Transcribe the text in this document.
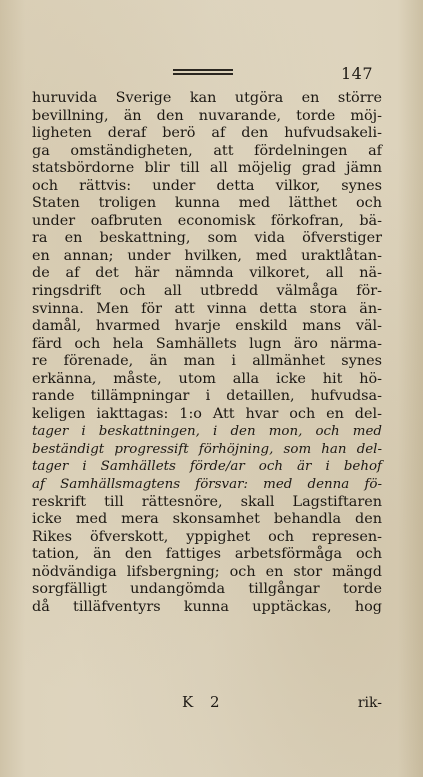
147
huruvida Sverige kan utgöra en större
bevillning, än den nuvarande, torde möj-
ligheten deraf berö af den hufvudsakeli-
ga omständigheten, att fördelningen af
statsbördorne blir till all möjelig grad jämn
och rättvis: under detta vilkor, synes
Staten troligen kunna med lätthet och
under oafbruten economisk förkofran, bä-
ra en beskattning, som vida öfverstiger
en annan; under hvilken, med uraktlåtan-
de af det här nämnda vilkoret, all nä-
ringsdrift och all utbredd välmåga för-
svinna. Men för att vinna detta stora än-
damål, hvarmed hvarje enskild mans väl-
färd och hela Samhällets lugn äro närma-
re förenade, än man i allmänhet synes
erkänna, måste, utom alla icke hit hö-
rande tillämpningar i detaillen, hufvudsa-
keligen iakttagas: 1:o Att hvar och en del-
tager i beskattningen, i den mon, och med
beständigt progressift förhöjning, som han del-
tager i Samhällets förde/ar och är i behof
af Samhällsmagtens försvar: med denna fö-
reskrift till rättesnöre, skall Lagstiftaren
icke med mera skonsamhet behandla den
Rikes öfverskott, yppighet och represen-
tation, än den fattiges arbetsförmåga och
nödvändiga lifsbergning; och en stor mängd
sorgfälligt undangömda tillgångar torde
då tilläfventyrs kunna upptäckas, hog
K 2	rik-
